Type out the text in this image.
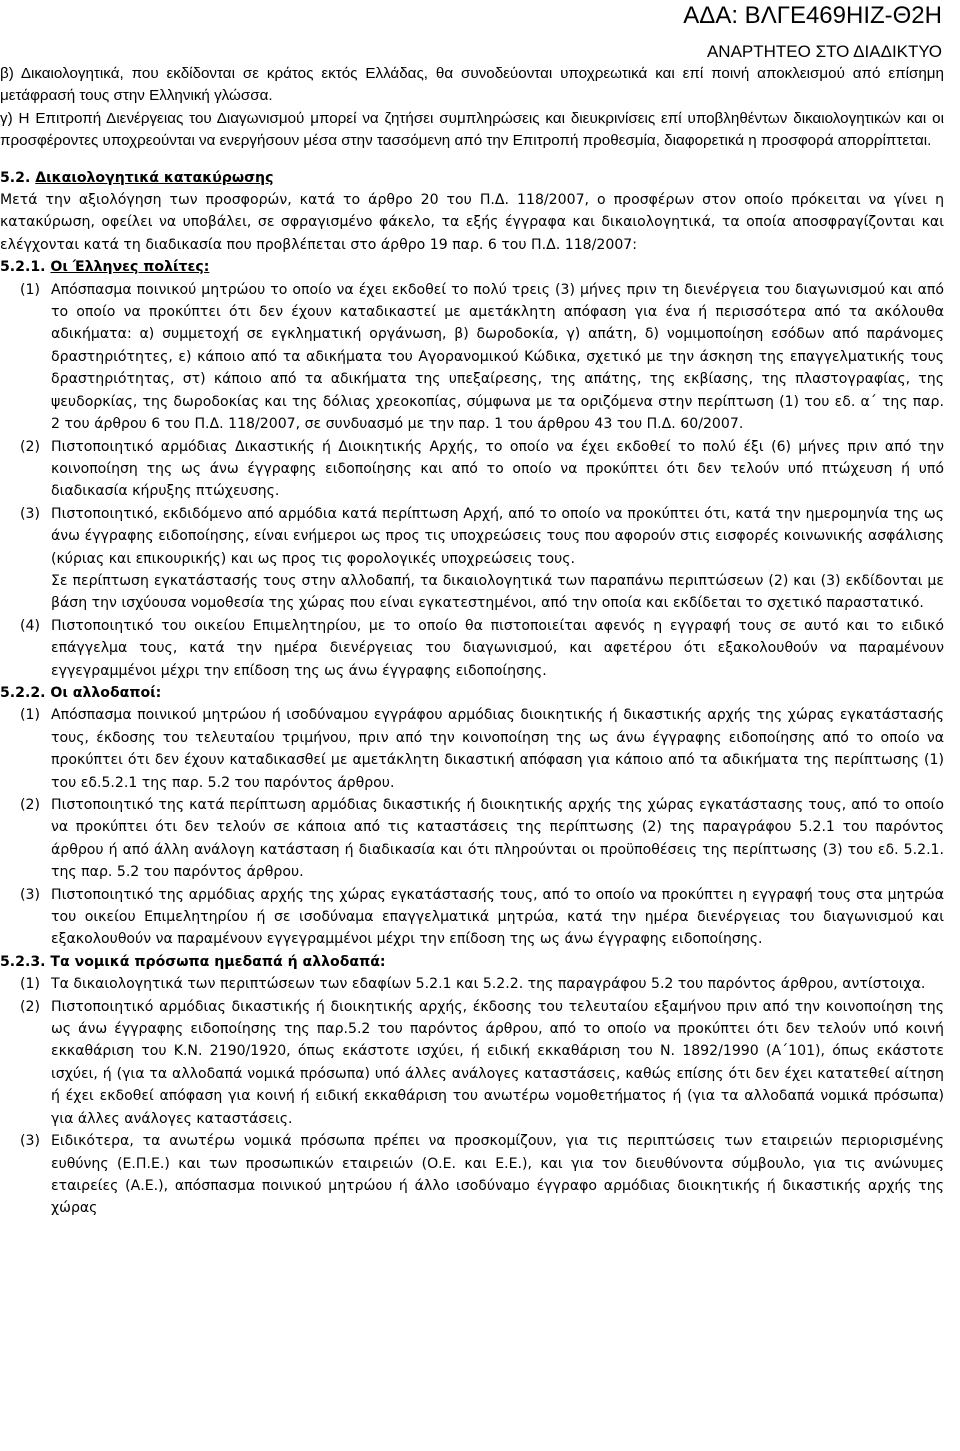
ΑΔΑ: ΒΛΓΕ469ΗΙΖ-Θ2Η
ΑΝΑΡΤΗΤΕΟ ΣΤΟ ΔΙΑΔΙΚΤΥΟ

β) Δικαιολογητικά, που εκδίδονται σε κράτος εκτός Ελλάδας, θα συνοδεύονται υποχρεωτικά και επί ποινή αποκλεισμού από επίσημη μετάφρασή τους στην Ελληνική γλώσσα.

γ) Η Επιτροπή Διενέργειας του Διαγωνισμού μπορεί να ζητήσει συμπληρώσεις και διευκρινίσεις επί υποβληθέντων δικαιολογητικών και οι προσφέροντες υποχρεούνται να ενεργήσουν μέσα στην τασσόμενη από την Επιτροπή προθεσμία, διαφορετικά η προσφορά απορρίπτεται.

5.2. Δικαιολογητικά κατακύρωσης

Μετά την αξιολόγηση των προσφορών, κατά το άρθρο 20 του Π.Δ. 118/2007, ο προσφέρων στον οποίο πρόκειται να γίνει η κατακύρωση, οφείλει να υποβάλει, σε σφραγισμένο φάκελο, τα εξής έγγραφα και δικαιολογητικά, τα οποία αποσφραγίζονται και ελέγχονται κατά τη διαδικασία που προβλέπεται στο άρθρο 19 παρ. 6 του Π.Δ. 118/2007:

5.2.1. Οι Έλληνες πολίτες:

(1) Απόσπασμα ποινικού μητρώου το οποίο να έχει εκδοθεί το πολύ τρεις (3) μήνες πριν τη διενέργεια του διαγωνισμού και από το οποίο να προκύπτει ότι δεν έχουν καταδικαστεί με αμετάκλητη απόφαση για ένα ή περισσότερα από τα ακόλουθα αδικήματα: α) συμμετοχή σε εγκληματική οργάνωση, β) δωροδοκία, γ) απάτη, δ) νομιμοποίηση εσόδων από παράνομες δραστηριότητες, ε) κάποιο από τα αδικήματα του Αγορανομικού Κώδικα, σχετικό με την άσκηση της επαγγελματικής τους δραστηριότητας, στ) κάποιο από τα αδικήματα της υπεξαίρεσης, της απάτης, της εκβίασης, της πλαστογραφίας, της ψευδορκίας, της δωροδοκίας και της δόλιας χρεοκοπίας, σύμφωνα με τα οριζόμενα στην περίπτωση (1) του εδ. α΄ της παρ. 2 του άρθρου 6 του Π.Δ. 118/2007, σε συνδυασμό με την παρ. 1 του άρθρου 43 του Π.Δ. 60/2007.
(2) Πιστοποιητικό αρμόδιας Δικαστικής ή Διοικητικής Αρχής, το οποίο να έχει εκδοθεί το πολύ έξι (6) μήνες πριν από την κοινοποίηση της ως άνω έγγραφης ειδοποίησης και από το οποίο να προκύπτει ότι δεν τελούν υπό πτώχευση ή υπό διαδικασία κήρυξης πτώχευσης.
(3) Πιστοποιητικό, εκδιδόμενο από αρμόδια κατά περίπτωση Αρχή, από το οποίο να προκύπτει ότι, κατά την ημερομηνία της ως άνω έγγραφης ειδοποίησης, είναι ενήμεροι ως προς τις υποχρεώσεις τους που αφορούν στις εισφορές κοινωνικής ασφάλισης (κύριας και επικουρικής) και ως προς τις φορολογικές υποχρεώσεις τους.
Σε περίπτωση εγκατάστασής τους στην αλλοδαπή, τα δικαιολογητικά των παραπάνω περιπτώσεων (2) και (3) εκδίδονται με βάση την ισχύουσα νομοθεσία της χώρας που είναι εγκατεστημένοι, από την οποία και εκδίδεται το σχετικό παραστατικό.
(4) Πιστοποιητικό του οικείου Επιμελητηρίου, με το οποίο θα πιστοποιείται αφενός η εγγραφή τους σε αυτό και το ειδικό επάγγελμα τους, κατά την ημέρα διενέργειας του διαγωνισμού, και αφετέρου ότι εξακολουθούν να παραμένουν εγγεγραμμένοι μέχρι την επίδοση της ως άνω έγγραφης ειδοποίησης.

5.2.2. Οι αλλοδαποί:

(1) Απόσπασμα ποινικού μητρώου ή ισοδύναμου εγγράφου αρμόδιας διοικητικής ή δικαστικής αρχής της χώρας εγκατάστασής τους, έκδοσης του τελευταίου τριμήνου, πριν από την κοινοποίηση της ως άνω έγγραφης ειδοποίησης από το οποίο να προκύπτει ότι δεν έχουν καταδικασθεί με αμετάκλητη δικαστική απόφαση για κάποιο από τα αδικήματα της περίπτωσης (1) του εδ.5.2.1 της παρ. 5.2 του παρόντος άρθρου.
(2) Πιστοποιητικό της κατά περίπτωση αρμόδιας δικαστικής ή διοικητικής αρχής της χώρας εγκατάστασης τους, από το οποίο να προκύπτει ότι δεν τελούν σε κάποια από τις καταστάσεις της περίπτωσης (2) της παραγράφου 5.2.1 του παρόντος άρθρου ή από άλλη ανάλογη κατάσταση ή διαδικασία και ότι πληρούνται οι προϋποθέσεις της περίπτωσης (3) του εδ. 5.2.1. της παρ. 5.2 του παρόντος άρθρου.
(3) Πιστοποιητικό της αρμόδιας αρχής της χώρας εγκατάστασής τους, από το οποίο να προκύπτει η εγγραφή τους στα μητρώα του οικείου Επιμελητηρίου ή σε ισοδύναμα επαγγελματικά μητρώα, κατά την ημέρα διενέργειας του διαγωνισμού και εξακολουθούν να παραμένουν εγγεγραμμένοι μέχρι την επίδοση της ως άνω έγγραφης ειδοποίησης.

5.2.3. Τα νομικά πρόσωπα ημεδαπά ή αλλοδαπά:

(1) Τα δικαιολογητικά των περιπτώσεων των εδαφίων 5.2.1 και 5.2.2. της παραγράφου 5.2 του παρόντος άρθρου, αντίστοιχα.
(2) Πιστοποιητικό αρμόδιας δικαστικής ή διοικητικής αρχής, έκδοσης του τελευταίου εξαμήνου πριν από την κοινοποίηση της ως άνω έγγραφης ειδοποίησης της παρ.5.2 του παρόντος άρθρου, από το οποίο να προκύπτει ότι δεν τελούν υπό κοινή εκκαθάριση του Κ.Ν. 2190/1920, όπως εκάστοτε ισχύει, ή ειδική εκκαθάριση του Ν. 1892/1990 (Α΄101), όπως εκάστοτε ισχύει, ή (για τα αλλοδαπά νομικά πρόσωπα) υπό άλλες ανάλογες καταστάσεις, καθώς επίσης ότι δεν έχει κατατεθεί αίτηση ή έχει εκδοθεί απόφαση για κοινή ή ειδική εκκαθάριση του ανωτέρω νομοθετήματος ή (για τα αλλοδαπά νομικά πρόσωπα) για άλλες ανάλογες καταστάσεις.
(3) Ειδικότερα, τα ανωτέρω νομικά πρόσωπα πρέπει να προσκομίζουν, για τις περιπτώσεις των εταιρειών περιορισμένης ευθύνης (Ε.Π.Ε.) και των προσωπικών εταιρειών (Ο.Ε. και Ε.Ε.), και για τον διευθύνοντα σύμβουλο, για τις ανώνυμες εταιρείες (Α.Ε.), απόσπασμα ποινικού μητρώου ή άλλο ισοδύναμο έγγραφο αρμόδιας διοικητικής ή δικαστικής αρχής της χώρας
